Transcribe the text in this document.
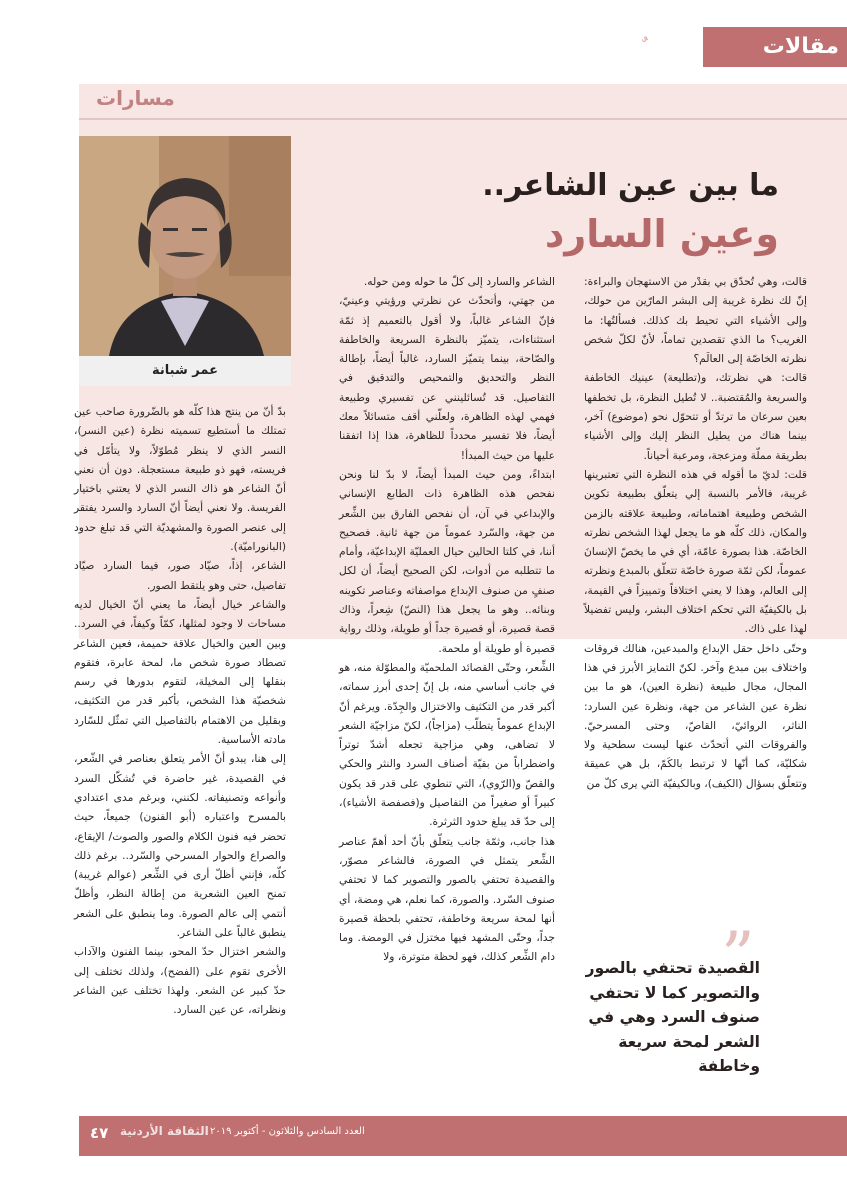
مقالات
مسارات
عمر شبانة
ما بين عين الشاعر..
وعين السارد

قالت، وهي تُحدّق بي بقدْر من الاستهجان والبراءة: إنّ لك نظرة غريبة إلى البشر المارّين من حولك، وإلى الأشياء التي تحيط بك كذلك. فسألتُها: ما الغريب؟ ما الذي تقصدين تماماً، لأنّ لكلّ شخص نظرته الخاصّة إلى العالَم؟

قالت: هي نظرتك، و(تطليعة) عينيك الخاطفة والسريعة والمُقتضبة.. لا تُطيل النظرة، بل تخطفها بعين سرعان ما ترتدّ أو تتحوّل نحو (موضوع) آخر، بينما هناك من يطيل النظر إليك وإلى الأشياء بطريقة مملّة ومزعجة، ومرعبة أحياناً.

قلت: لديّ ما أقوله في هذه النظرة التي تعتبرينها غريبة، فالأمر بالنسبة إلي يتعلّق بطبيعة تكوين الشخص وطبيعة اهتماماته، وطبيعة علاقته بالزمن والمكان، ذلك كلّه هو ما يجعل لهذا الشخص نظرته الخاصّة. هذا بصورة عامّة، أي في ما يخصّ الإنسانَ عموماً، لكن ثمّة صورة خاصّة تتعلّق بالمبدع ونظرته إلى العالم، وهذا لا يعني اختلافاً وتمييزاً في القيمة، بل بالكيفيّة التي تحكم اختلاف البشر، وليس تفضيلاً لهذا على ذاك.

وحتّى داخل حقل الإبداع والمبدعين، هنالك فروقات واختلاف بين مبدع وآخر. لكنّ التمايز الأبرز في هذا المجال، مجال طبيعة (نظرة العين)، هو ما بين نظرة عين الشاعر من جهة، ونظرة عين السارد: الناثر، الروائيّ، القاصّ، وحتى المسرحيّ. والفروقات التي أتحدّث عنها ليست سطحية ولا شكليّة، كما أنّها لا ترتبط بالكَمّ، بل هي عميقة وتتعلّق بسؤال (الكيف)، وبالكيفيّة التي يرى كلّ من

الشاعر والسارد إلى كلّ ما حوله ومن حوله.

من جهتي، وأتحدّث عن نظرتي ورؤيتي وعينيّ، فإنّ الشاعر غالباً، ولا أقول بالتعميم إذ ثمّة استثناءات، يتميّز بالنظرة السريعة والخاطفة والصّاحة، بينما يتميّز السارد، غالباً أيضاً، بإطالة النظر والتحديق والتمحيص والتدقيق في التفاصيل. قد تُسائلينني عن تفسيري وطبيعة فهمي لهذه الظاهرة، ولعلّني أقف متسائلاً معك أيضاً، فلا تفسير محدداً للظاهرة، هذا إذا اتفقنا عليها من حيث المبدأ!

ابتداءً، ومن حيث المبدأ أيضاً، لا بدّ لنا ونحن نفحص هذه الظاهرة ذات الطابع الإنساني والإبداعي في آن، أن نفحص الفارق بين الشِّعر من جهة، والسّرد عموماً من جهة ثانية. فصحيح أننا، في كلتا الحالين حيال العمليّة الإبداعيّة، وأمام ما تتطلبه من أدوات، لكن الصحيح أيضاً، أن لكل صنفٍ من صنوف الإبداع مواصفاته وعناصر تكوينه وبنائه.. وهو ما يجعل هذا (النصّ) شِعراً، وذاك قصة قصيرة، أو قصيرة جداً أو طويلة، وذلك رواية قصيرة أو طويلة أو ملحمة.

الشِّعر، وحتّى القصائد الملحميّة والمطوّلة منه، هو في جانب أساسي منه، بل إنّ إحدى أبرز سماته، أكبر قدر من التكثيف والاختزال والجِدّة. ويرغم أنّ الإبداع عموماً يتطلّب (مزاجاً)، لكنّ مزاجيّة الشعر لا تضاهى، وهي مزاجية تجعله أشدّ توتراً واضطراباً من بقيّة أصناف السرد والنثر والحكي والقصّ و(الرّوي)، التي تنطوي على قدر قد يكون كبيراً أو صغيراً من التفاصيل و(فصفصة الأشياء)، إلى حدّ قد يبلغ حدود الثرثرة.

هذا جانب، وثمّة جانب يتعلّق بأنّ أحد أهمّ عناصر الشِّعر يتمثل في الصورة، فالشاعر مصوّر، والقصيدة تحتفي بالصور والتصوير كما لا تحتفي صنوف السّرد. والصورة، كما نعلم، هي ومضة، أي أنها لمحة سريعة وخاطفة، تحتفي بلحظة قصيرة جداً، وحتّى المشهد فيها مختزل في الومضة. وما دام الشِّعر كذلك، فهو لحظة متوترة، ولا

بدّ أنّ من ينتج هذا كلّه هو بالضّرورة صاحب عين تمتلك ما أستطيع تسميته نظرة (عين النسر)، النسر الذي لا ينظر مُطوّلاً، ولا يتأمّل في فريسته، فهو ذو طبيعة مستعجلة. دون أن نعني أنّ الشاعر هو ذاك النسر الذي لا يعتني باختيار الفريسة. ولا نعني أيضاً أنّ السارد والسرد يفتقر إلى عنصر الصورة والمشهديّة التي قد تبلغ حدود (البانوراميّة).

الشاعر، إذاً، صيّاد صور، فيما السارد صيّاد تفاصيل، حتى وهو يلتقط الصور.

والشاعر خيال أيضاً، ما يعني أنّ الخيال لديه مساحات لا وجود لمثلها، كمّاً وكيفاً، في السرد.. وبين العين والخيال علاقة حميمة، فعين الشاعر تصطاد صورة شخص ما، لمحة عابرة، فتقوم بنقلها إلى المخيلة، لتقوم بدورها في رسم شخصيّة هذا الشخص، بأكبر قدر من التكثيف، وبقليل من الاهتمام بالتفاصيل التي تمثّل للسّارد مادته الأساسية.

إلى هنا، يبدو أنّ الأمر يتعلق بعناصر في الشّعر، في القصيدة، غير حاضرة في تُشكّل السرد وأنواعه وتصنيفاته. لكنني، وبرغم مدى اعتدادي بالمسرح واعتباره (أبو الفنون) جميعاً، حيث تحضر فيه فنون الكلام والصور والصوت/ الإيقاع، والصراع والحوار المسرحي والسّرد.. برغم ذلك كلّه، فإنني أظلّ أرى في الشِّعر (عوالم غريبة) تمنح العين الشعرية من إطالة النظر، وأظلّ أنتمي إلى عالم الصورة. وما ينطبق على الشعر ينطبق غالباً على الشاعر.

والشعر اختزال حدّ المحو، بينما الفنون والآداب الأخرى تقوم على (الفضح)، ولذلك تختلف إلى حدّ كبير عن الشعر. ولهذا تختلف عين الشاعر ونظراته، عن عين السارد.

”
القصيدة تحتفي بالصور والتصوير كما لا تحتفي صنوف السرد وهي في الشعر لمحة سريعة وخاطفة
٤٧ الثقافة الأردنية العدد السادس والثلاثون - أكتوبر ٢٠١٩
